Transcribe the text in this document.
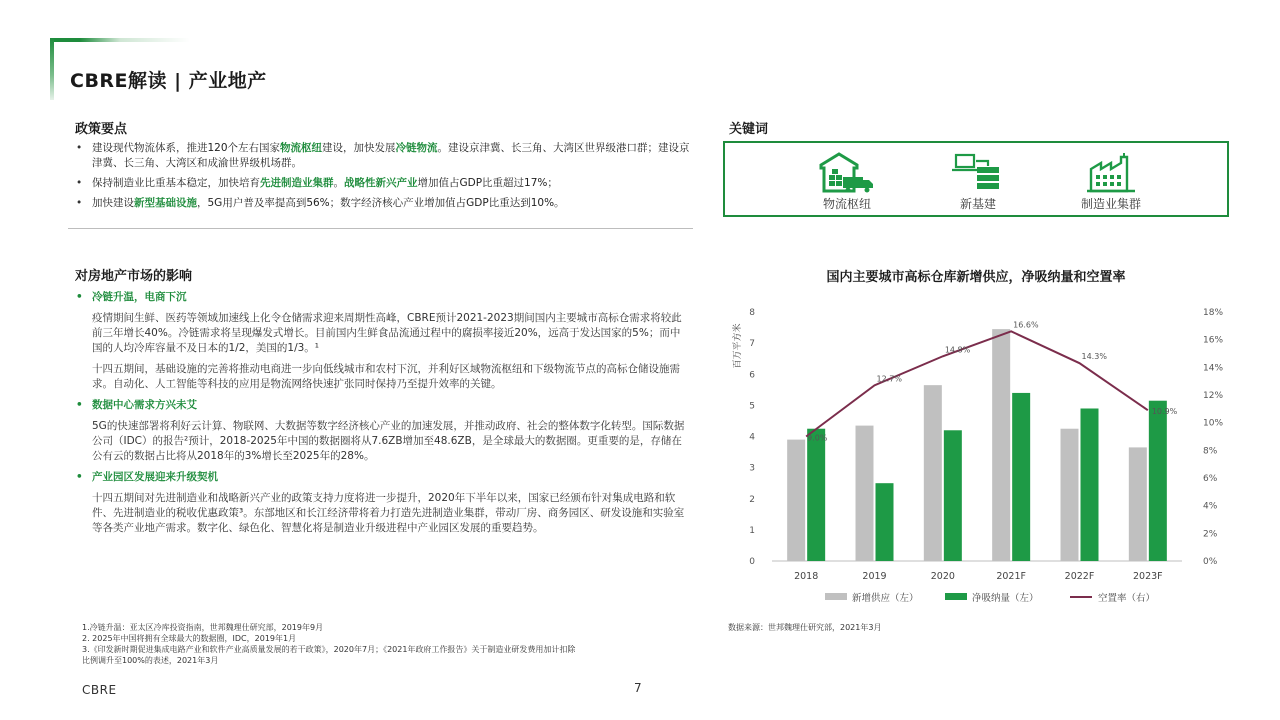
CBRE解读 | 产业地产
政策要点
• 建设现代物流体系，推进120个左右国家物流枢纽建设，加快发展冷链物流。建设京津冀、长三角、大湾区世界级港口群；建设京津冀、长三角、大湾区和成渝世界级机场群。
• 保持制造业比重基本稳定，加快培育先进制造业集群。战略性新兴产业增加值占GDP比重超过17%；
• 加快建设新型基础设施，5G用户普及率提高到56%；数字经济核心产业增加值占GDP比重达到10%。
对房地产市场的影响
• 冷链升温，电商下沉

疫情期间生鲜、医药等领域加速线上化令仓储需求迎来周期性高峰，CBRE预计2021-2023期间国内主要城市高标仓需求将较此前三年增长40%。冷链需求将呈现爆发式增长。目前国内生鲜食品流通过程中的腐损率接近20%，远高于发达国家的5%；而中国的人均冷库容量不及日本的1/2，美国的1/3。¹

十四五期间，基础设施的完善将推动电商进一步向低线城市和农村下沉，并利好区域物流枢纽和下级物流节点的高标仓储设施需求。自动化、人工智能等科技的应用是物流网络快速扩张同时保持乃至提升效率的关键。

• 数据中心需求方兴未艾

5G的快速部署将利好云计算、物联网、大数据等数字经济核心产业的加速发展，并推动政府、社会的整体数字化转型。国际数据公司（IDC）的报告²预计，2018-2025年中国的数据圈将从7.6ZB增加至48.6ZB，是全球最大的数据圈。更重要的是，存储在公有云的数据占比将从2018年的3%增长至2025年的28%。

• 产业园区发展迎来升级契机

十四五期间对先进制造业和战略新兴产业的政策支持力度将进一步提升，2020年下半年以来，国家已经颁布针对集成电路和软件、先进制造业的税收优惠政策³。东部地区和长江经济带将着力打造先进制造业集群，带动厂房、商务园区、研发设施和实验室等各类产业地产需求。数字化、绿色化、智慧化将是制造业升级进程中产业园区发展的重要趋势。

关键词
物流枢纽	新基建	制造业集群
国内主要城市高标仓库新增供应，净吸纳量和空置率
0
1
2
3
4
5
6
7
8
0%
2%
4%
6%
8%
10%
12%
14%
16%
18%
百万平方米
2018	2019	2020	2021F	2022F	2023F
9.0%
12.7%
14.8%
16.6%
14.3%
10.9%
新增供应（左）	净吸纳量（左）	空置率（右）
1.冷链升温：亚太区冷库投资指南，世邦魏理仕研究部，2019年9月
2. 2025年中国将拥有全球最大的数据圈，IDC，2019年1月
3.《印发新时期促进集成电路产业和软件产业高质量发展的若干政策》，2020年7月；《2021年政府工作报告》关于制造业研发费用加计扣除
比例调升至100%的表述，2021年3月
数据来源：世邦魏理仕研究部，2021年3月
CBRE	7
